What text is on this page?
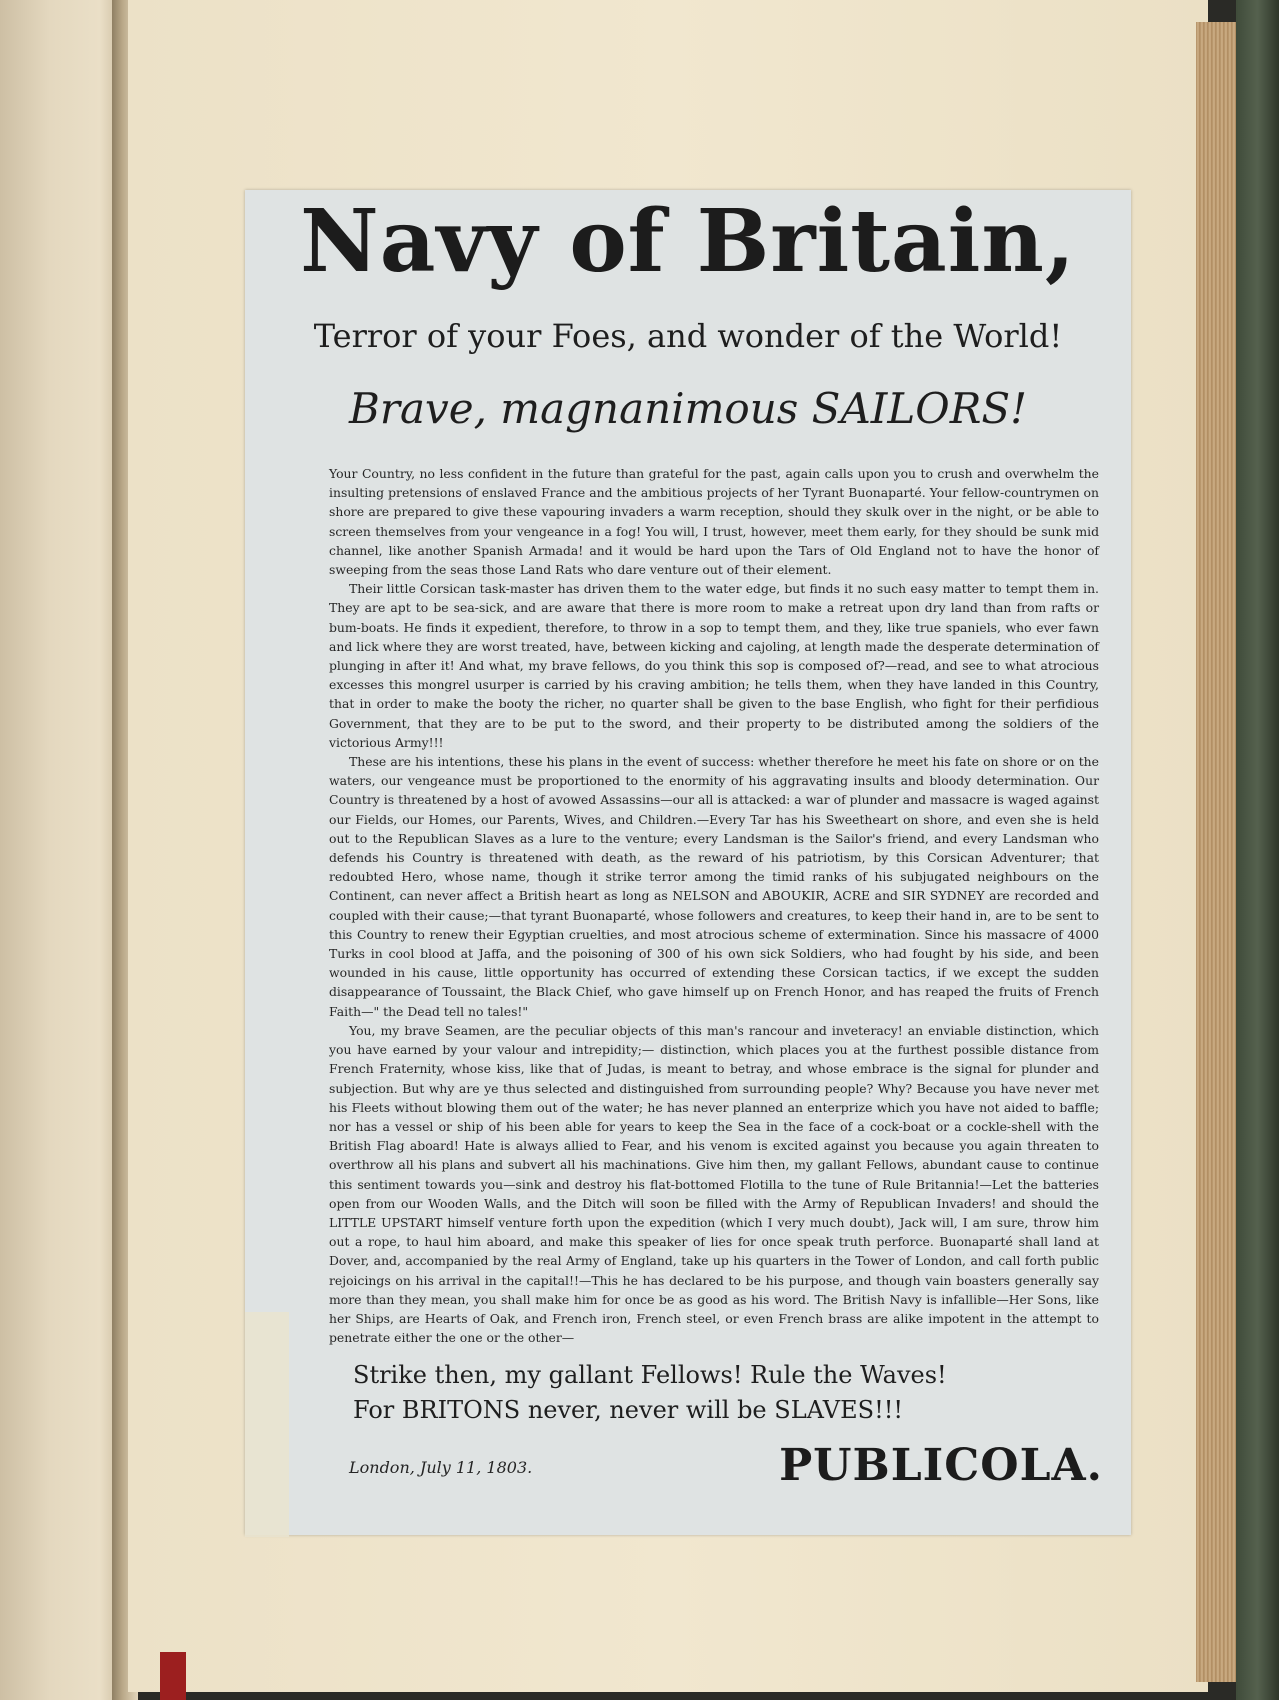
Navy of Britain,
Terror of your Foes, and wonder of the World!
Brave, magnanimous SAILORS!

Your Country, no less confident in the future than grateful for the past, again calls upon you to crush and overwhelm the insulting pretensions of enslaved France and the ambitious projects of her Tyrant Buonaparté. Your fellow-countrymen on shore are prepared to give these vapouring invaders a warm reception, should they skulk over in the night, or be able to screen themselves from your vengeance in a fog! You will, I trust, however, meet them early, for they should be sunk mid channel, like another Spanish Armada! and it would be hard upon the Tars of Old England not to have the honor of sweeping from the seas those Land Rats who dare venture out of their element.

Their little Corsican task-master has driven them to the water edge, but finds it no such easy matter to tempt them in. They are apt to be sea-sick, and are aware that there is more room to make a retreat upon dry land than from rafts or bum-boats. He finds it expedient, therefore, to throw in a sop to tempt them, and they, like true spaniels, who ever fawn and lick where they are worst treated, have, between kicking and cajoling, at length made the desperate determination of plunging in after it! And what, my brave fellows, do you think this sop is composed of?—read, and see to what atrocious excesses this mongrel usurper is carried by his craving ambition; he tells them, when they have landed in this Country, that in order to make the booty the richer, no quarter shall be given to the base English, who fight for their perfidious Government, that they are to be put to the sword, and their property to be distributed among the soldiers of the victorious Army!!!

These are his intentions, these his plans in the event of success: whether therefore he meet his fate on shore or on the waters, our vengeance must be proportioned to the enormity of his aggravating insults and bloody determination. Our Country is threatened by a host of avowed Assassins—our all is attacked: a war of plunder and massacre is waged against our Fields, our Homes, our Parents, Wives, and Children.—Every Tar has his Sweetheart on shore, and even she is held out to the Republican Slaves as a lure to the venture; every Landsman is the Sailor's friend, and every Landsman who defends his Country is threatened with death, as the reward of his patriotism, by this Corsican Adventurer; that redoubted Hero, whose name, though it strike terror among the timid ranks of his subjugated neighbours on the Continent, can never affect a British heart as long as NELSON and ABOUKIR, ACRE and SIR SYDNEY are recorded and coupled with their cause;—that tyrant Buonaparté, whose followers and creatures, to keep their hand in, are to be sent to this Country to renew their Egyptian cruelties, and most atrocious scheme of extermination. Since his massacre of 4000 Turks in cool blood at Jaffa, and the poisoning of 300 of his own sick Soldiers, who had fought by his side, and been wounded in his cause, little opportunity has occurred of extending these Corsican tactics, if we except the sudden disappearance of Toussaint, the Black Chief, who gave himself up on French Honor, and has reaped the fruits of French Faith—" the Dead tell no tales!"

You, my brave Seamen, are the peculiar objects of this man's rancour and inveteracy! an enviable distinction, which you have earned by your valour and intrepidity;— distinction, which places you at the furthest possible distance from French Fraternity, whose kiss, like that of Judas, is meant to betray, and whose embrace is the signal for plunder and subjection. But why are ye thus selected and distinguished from surrounding people? Why? Because you have never met his Fleets without blowing them out of the water; he has never planned an enterprize which you have not aided to baffle; nor has a vessel or ship of his been able for years to keep the Sea in the face of a cock-boat or a cockle-shell with the British Flag aboard! Hate is always allied to Fear, and his venom is excited against you because you again threaten to overthrow all his plans and subvert all his machinations. Give him then, my gallant Fellows, abundant cause to continue this sentiment towards you—sink and destroy his flat-bottomed Flotilla to the tune of Rule Britannia!—Let the batteries open from our Wooden Walls, and the Ditch will soon be filled with the Army of Republican Invaders! and should the LITTLE UPSTART himself venture forth upon the expedition (which I very much doubt), Jack will, I am sure, throw him out a rope, to haul him aboard, and make this speaker of lies for once speak truth perforce. Buonaparté shall land at Dover, and, accompanied by the real Army of England, take up his quarters in the Tower of London, and call forth public rejoicings on his arrival in the capital!!—This he has declared to be his purpose, and though vain boasters generally say more than they mean, you shall make him for once be as good as his word. The British Navy is infallible—Her Sons, like her Ships, are Hearts of Oak, and French iron, French steel, or even French brass are alike impotent in the attempt to penetrate either the one or the other—

Strike then, my gallant Fellows! Rule the Waves!
For BRITONS never, never will be SLAVES!!!
London, July 11, 1803.	PUBLICOLA.
